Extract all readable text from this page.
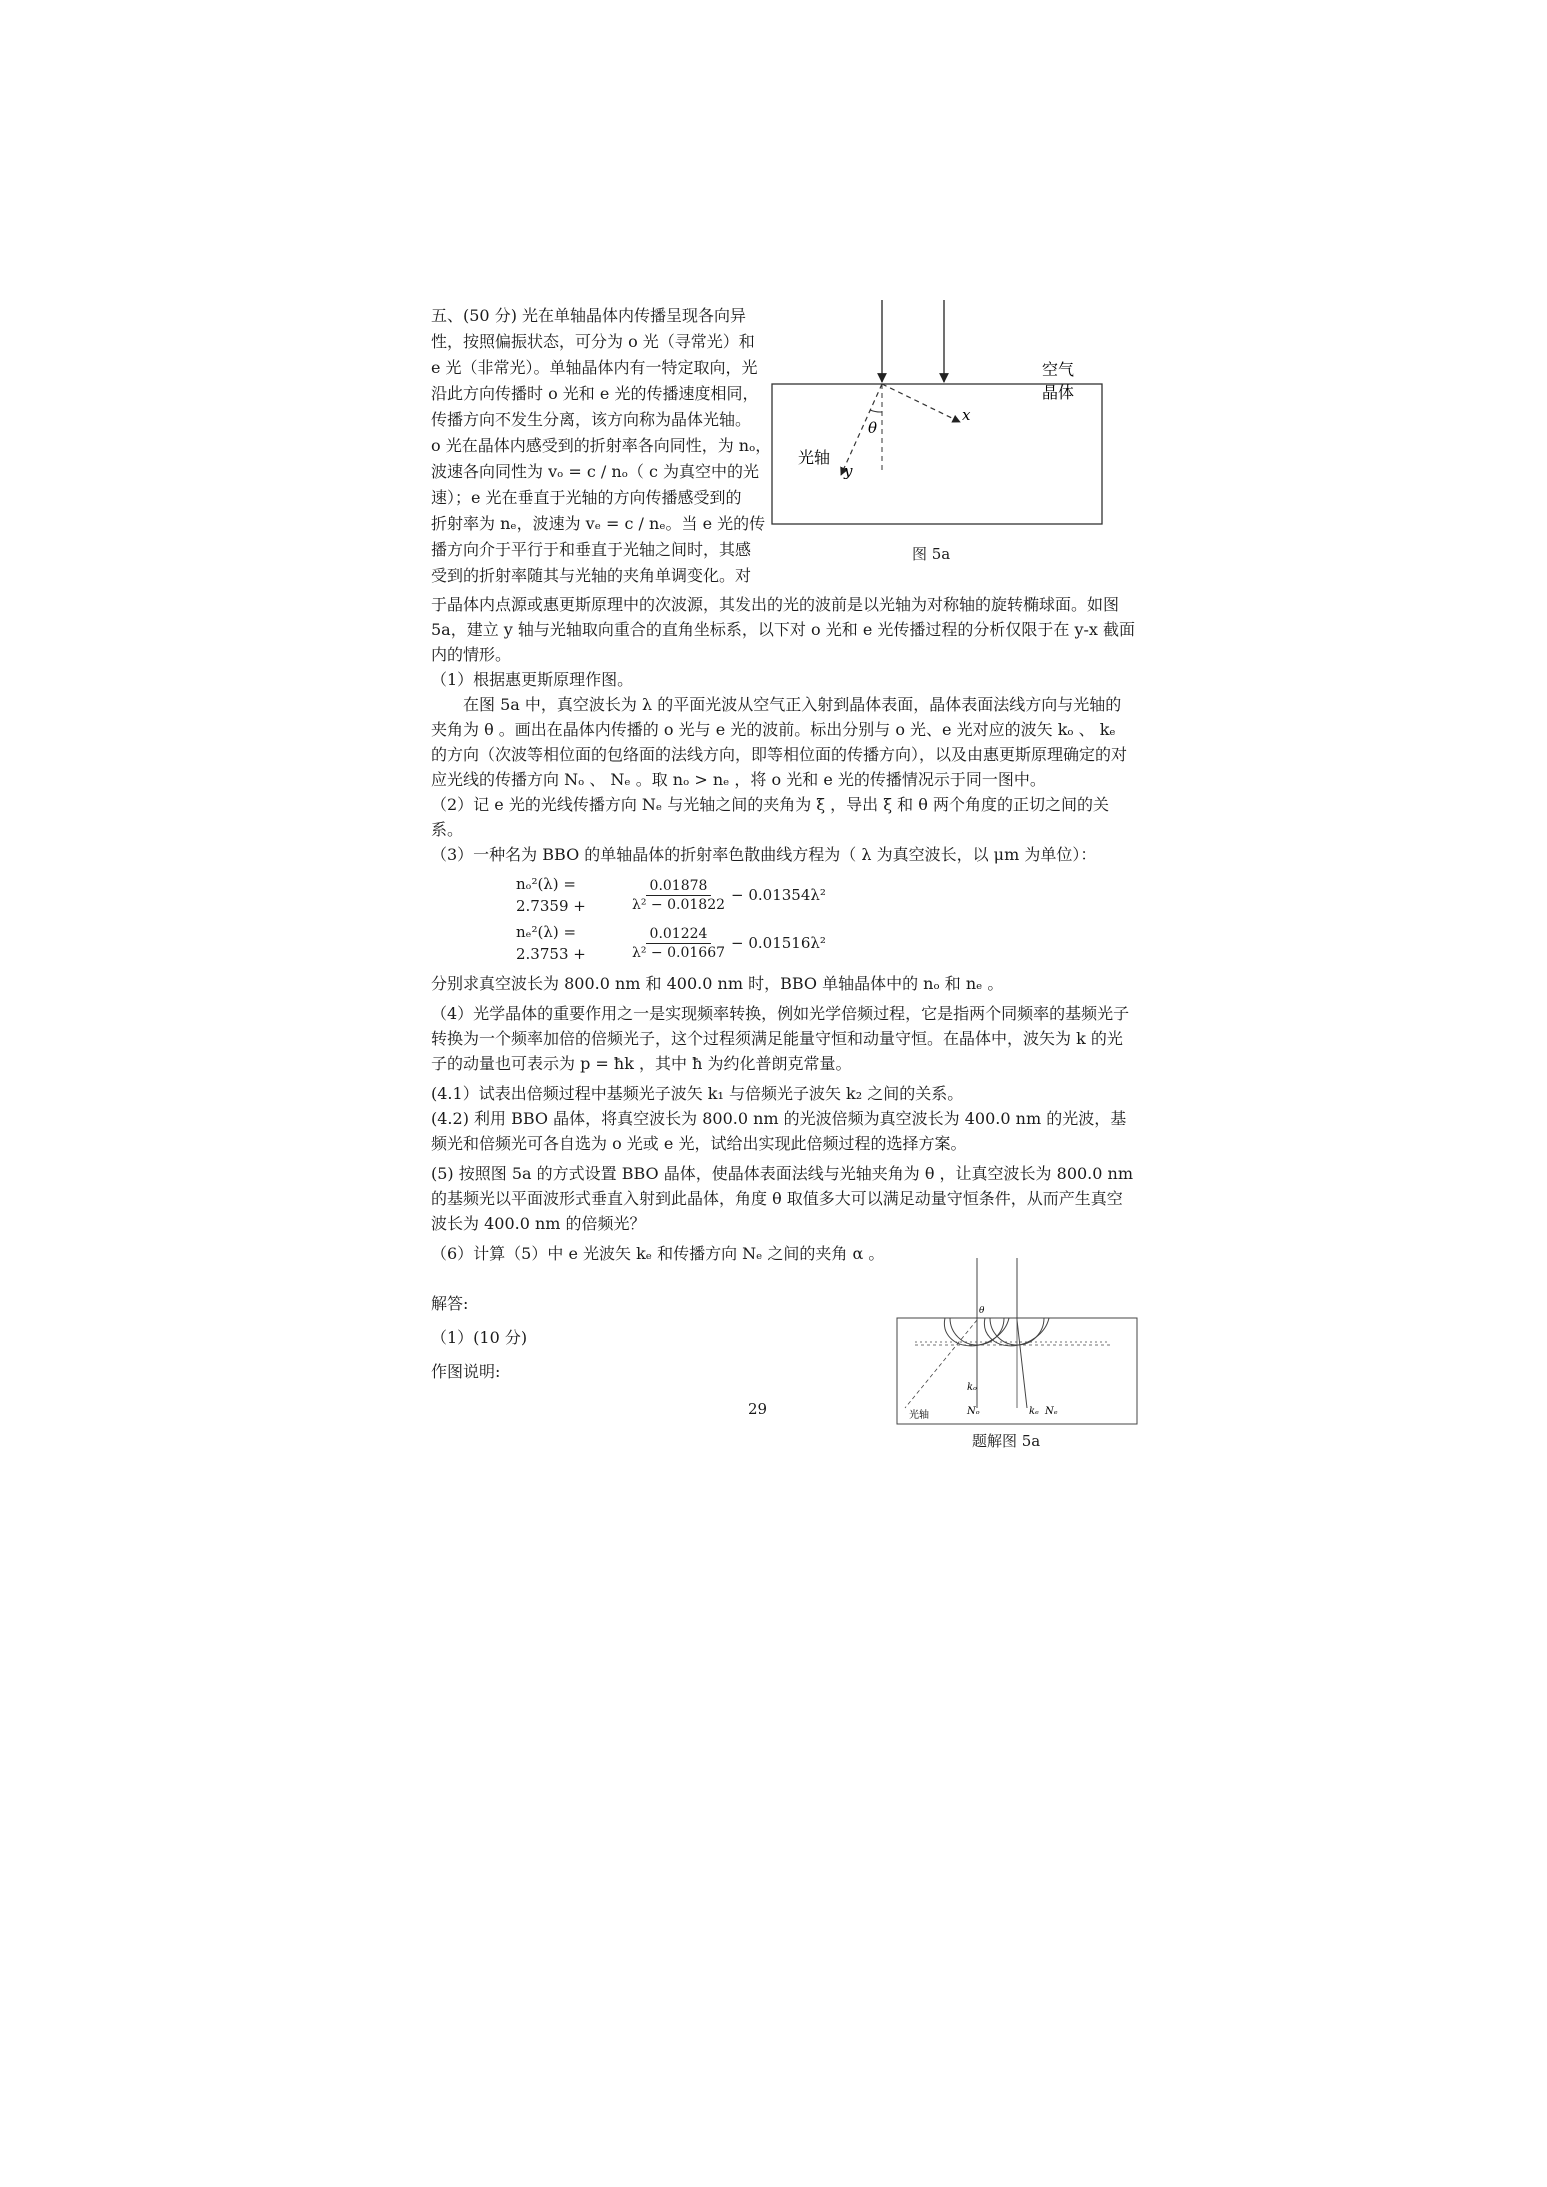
五、(50 分) 光在单轴晶体内传播呈现各向异
性，按照偏振状态，可分为 o 光（寻常光）和
e 光（非常光）。单轴晶体内有一特定取向，光
沿此方向传播时 o 光和 e 光的传播速度相同，
传播方向不发生分离，该方向称为晶体光轴。
o 光在晶体内感受到的折射率各向同性，为 nₒ，
波速各向同性为 vₒ = c / nₒ（ c 为真空中的光
速）；e 光在垂直于光轴的方向传播感受到的
折射率为 nₑ，波速为 vₑ = c / nₑ。当 e 光的传
播方向介于平行于和垂直于光轴之间时，其感
受到的折射率随其与光轴的夹角单调变化。对
θ
x
y
光轴
空气
晶体
图 5a

于晶体内点源或惠更斯原理中的次波源，其发出的光的波前是以光轴为对称轴的旋转椭球面。如图 5a，建立 y 轴与光轴取向重合的直角坐标系，以下对 o 光和 e 光传播过程的分析仅限于在 y-x 截面内的情形。

（1）根据惠更斯原理作图。

在图 5a 中，真空波长为 λ 的平面光波从空气正入射到晶体表面，晶体表面法线方向与光轴的夹角为 θ 。画出在晶体内传播的 o 光与 e 光的波前。标出分别与 o 光、e 光对应的波矢 kₒ 、 kₑ 的方向（次波等相位面的包络面的法线方向，即等相位面的传播方向），以及由惠更斯原理确定的对应光线的传播方向 Nₒ 、 Nₑ 。取 nₒ > nₑ ，将 o 光和 e 光的传播情况示于同一图中。

（2）记 e 光的光线传播方向 Nₑ 与光轴之间的夹角为 ξ ，导出 ξ 和 θ 两个角度的正切之间的关系。

（3）一种名为 BBO 的单轴晶体的折射率色散曲线方程为（ λ 为真空波长，以 μm 为单位）：

nₒ²(λ) = 2.7359 +	$\frac{0.01878}{\text{λ² − 0.01822}} - 0.01354\lambda^2$
nₑ²(λ) = 2.3753 +	$\frac{0.01224}{\text{λ² − 0.01667}} - 0.01516\lambda^2$

分别求真空波长为 800.0 nm 和 400.0 nm 时，BBO 单轴晶体中的 nₒ 和 nₑ 。

（4）光学晶体的重要作用之一是实现频率转换，例如光学倍频过程，它是指两个同频率的基频光子转换为一个频率加倍的倍频光子，这个过程须满足能量守恒和动量守恒。在晶体中，波矢为 k 的光子的动量也可表示为 p = ħk ，其中 ħ 为约化普朗克常量。

(4.1）试表出倍频过程中基频光子波矢 k₁ 与倍频光子波矢 k₂ 之间的关系。

(4.2) 利用 BBO 晶体，将真空波长为 800.0 nm 的光波倍频为真空波长为 400.0 nm 的光波，基频光和倍频光可各自选为 o 光或 e 光，试给出实现此倍频过程的选择方案。

(5) 按照图 5a 的方式设置 BBO 晶体，使晶体表面法线与光轴夹角为 θ ，让真空波长为 800.0 nm 的基频光以平面波形式垂直入射到此晶体，角度 θ 取值多大可以满足动量守恒条件，从而产生真空波长为 400.0 nm 的倍频光？

（6）计算（5）中 e 光波矢 kₑ 和传播方向 Nₑ 之间的夹角 α 。

解答:
（1）(10 分)
作图说明:
θ
光轴
kₒ
Nₒ	kₑ Nₑ
题解图 5a
29
